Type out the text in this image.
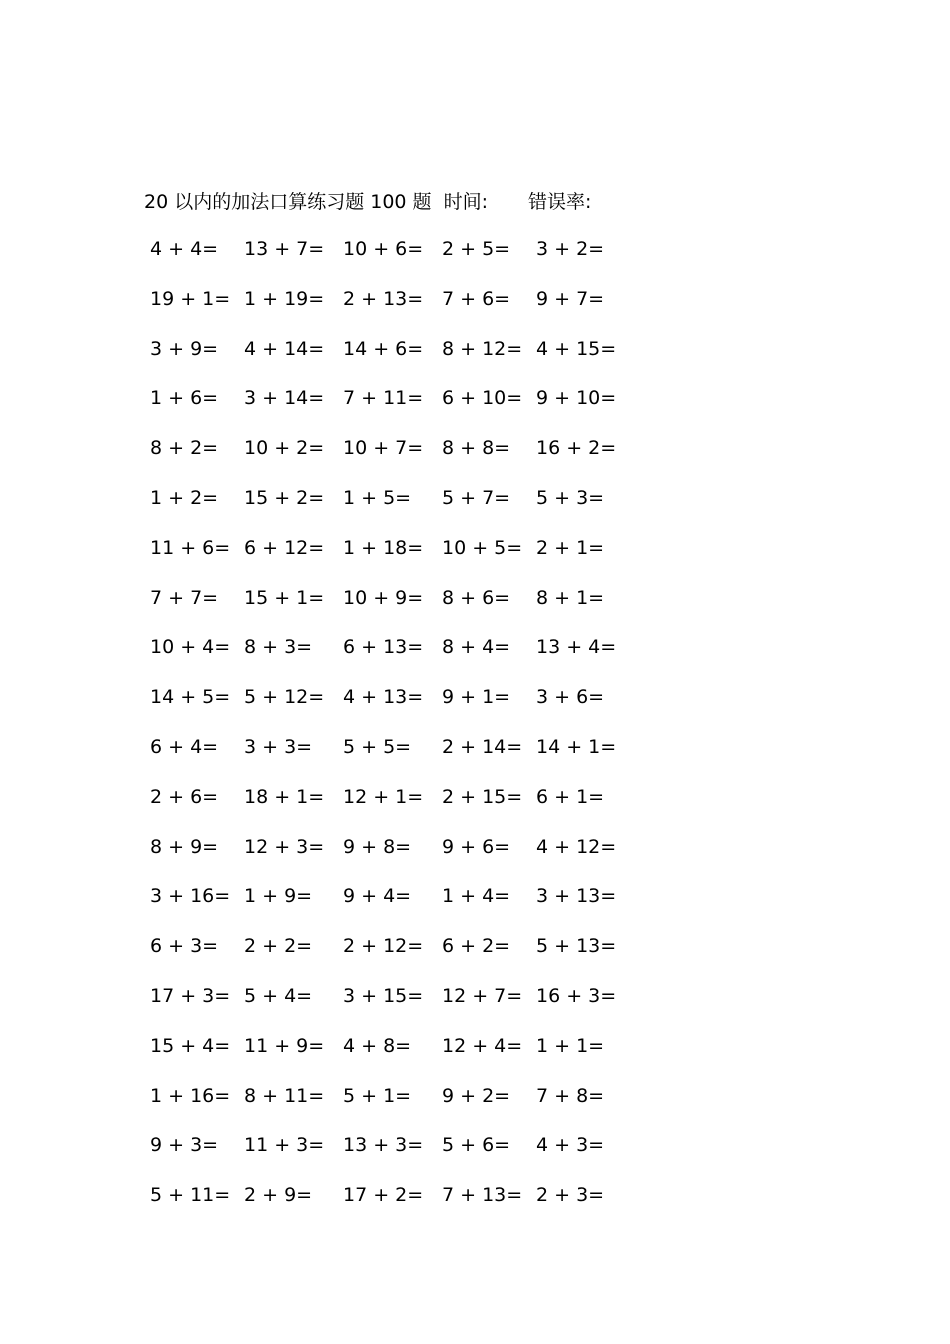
20 以内的加法口算练习题 100 题 时间: 错误率:
4 + 4= 13 + 7= 10 + 6= 2 + 5= 3 + 2=
19 + 1= 1 + 19= 2 + 13= 7 + 6= 9 + 7=
3 + 9= 4 + 14= 14 + 6= 8 + 12= 4 + 15=
1 + 6= 3 + 14= 7 + 11= 6 + 10= 9 + 10=
8 + 2= 10 + 2= 10 + 7= 8 + 8= 16 + 2=
1 + 2= 15 + 2= 1 + 5= 5 + 7= 5 + 3=
11 + 6= 6 + 12= 1 + 18= 10 + 5= 2 + 1=
7 + 7= 15 + 1= 10 + 9= 8 + 6= 8 + 1=
10 + 4= 8 + 3= 6 + 13= 8 + 4= 13 + 4=
14 + 5= 5 + 12= 4 + 13= 9 + 1= 3 + 6=
6 + 4= 3 + 3= 5 + 5= 2 + 14= 14 + 1=
2 + 6= 18 + 1= 12 + 1= 2 + 15= 6 + 1=
8 + 9= 12 + 3= 9 + 8= 9 + 6= 4 + 12=
3 + 16= 1 + 9= 9 + 4= 1 + 4= 3 + 13=
6 + 3= 2 + 2= 2 + 12= 6 + 2= 5 + 13=
17 + 3= 5 + 4= 3 + 15= 12 + 7= 16 + 3=
15 + 4= 11 + 9= 4 + 8= 12 + 4= 1 + 1=
1 + 16= 8 + 11= 5 + 1= 9 + 2= 7 + 8=
9 + 3= 11 + 3= 13 + 3= 5 + 6= 4 + 3=
5 + 11= 2 + 9= 17 + 2= 7 + 13= 2 + 3=
